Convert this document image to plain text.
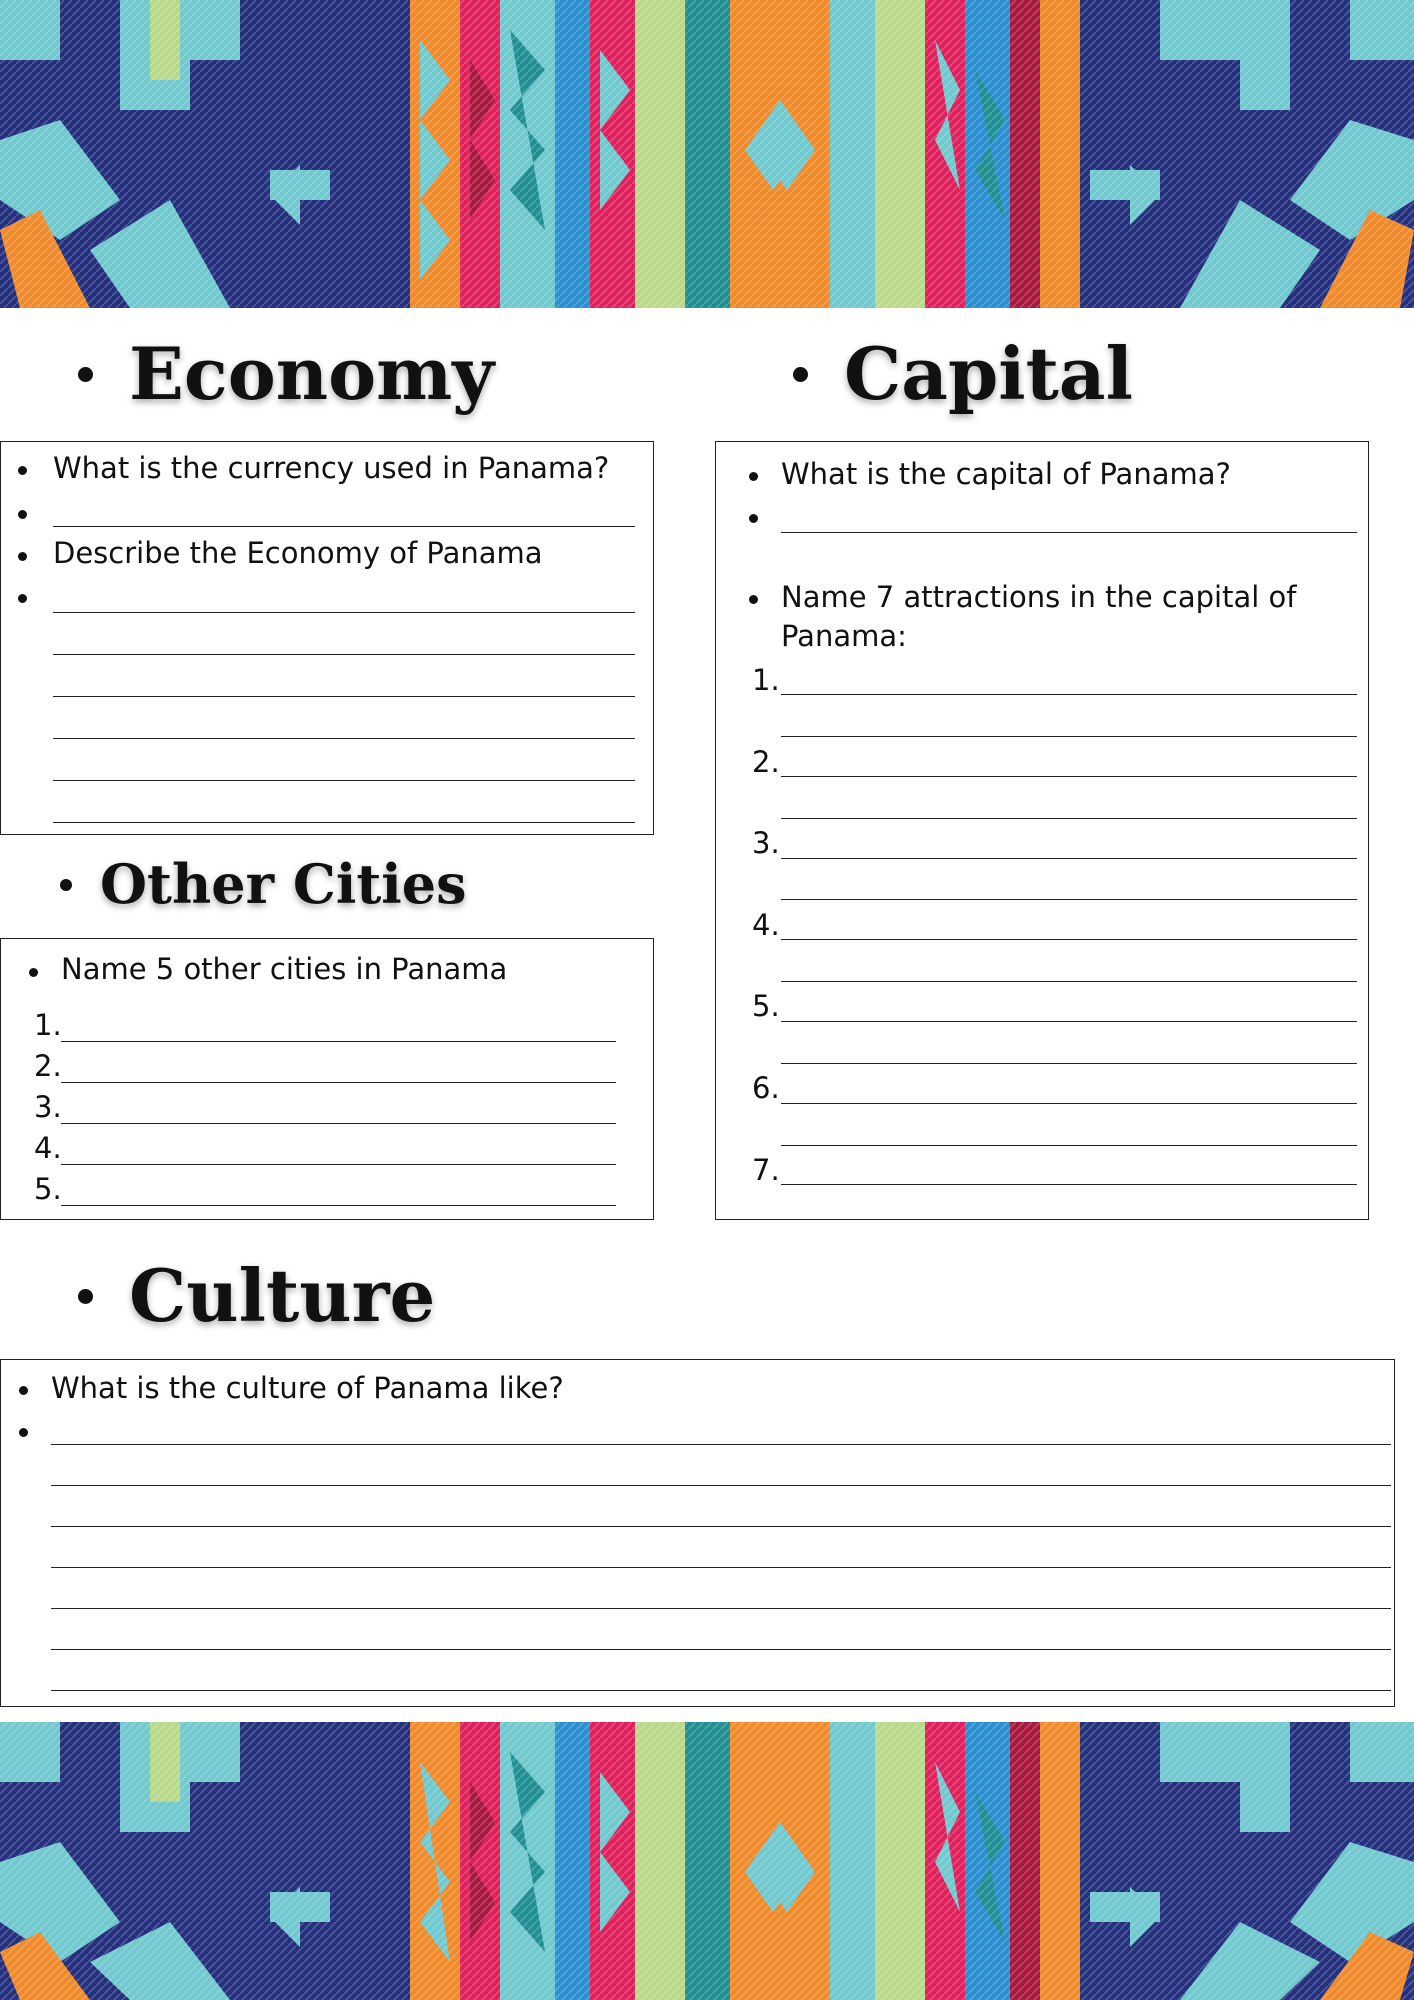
Economy	Capital
What is the currency used in Panama?
Describe the Economy of Panama
What is the capital of Panama?
Name 7 attractions in the capital of
Panama:
1.
2.
3.
4.
5.
6.
7.
Other Cities
Name 5 other cities in Panama
1.
2.
3.
4.
5.
Culture
What is the culture of Panama like?
